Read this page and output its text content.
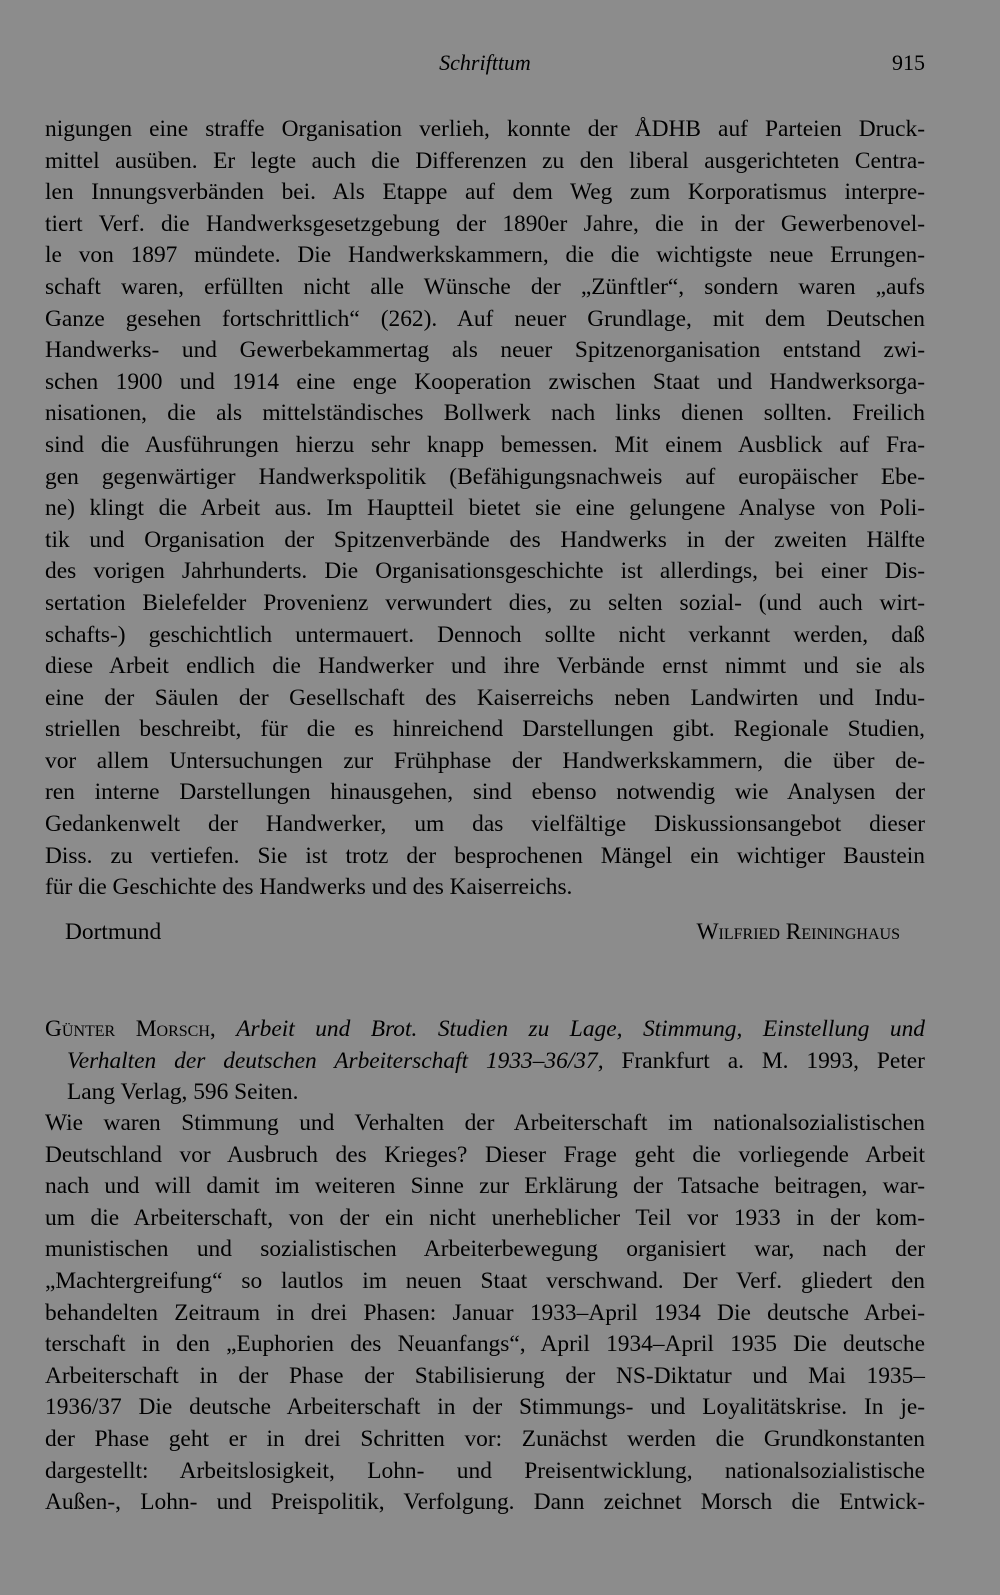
Schrifttum	915
nigungen eine straffe Organisation verlieh, konnte der ÅDHB auf Parteien Druck-
mittel ausüben. Er legte auch die Differenzen zu den liberal ausgerichteten Centra-
len Innungsverbänden bei. Als Etappe auf dem Weg zum Korporatismus interpre-
tiert Verf. die Handwerksgesetzgebung der 1890er Jahre, die in der Gewerbenovel-
le von 1897 mündete. Die Handwerkskammern, die die wichtigste neue Errungen-
schaft waren, erfüllten nicht alle Wünsche der „Zünftler“, sondern waren „aufs
Ganze gesehen fortschrittlich“ (262). Auf neuer Grundlage, mit dem Deutschen
Handwerks- und Gewerbekammertag als neuer Spitzenorganisation entstand zwi-
schen 1900 und 1914 eine enge Kooperation zwischen Staat und Handwerksorga-
nisationen, die als mittelständisches Bollwerk nach links dienen sollten. Freilich
sind die Ausführungen hierzu sehr knapp bemessen. Mit einem Ausblick auf Fra-
gen gegenwärtiger Handwerkspolitik (Befähigungsnachweis auf europäischer Ebe-
ne) klingt die Arbeit aus. Im Hauptteil bietet sie eine gelungene Analyse von Poli-
tik und Organisation der Spitzenverbände des Handwerks in der zweiten Hälfte
des vorigen Jahrhunderts. Die Organisationsgeschichte ist allerdings, bei einer Dis-
sertation Bielefelder Provenienz verwundert dies, zu selten sozial- (und auch wirt-
schafts-) geschichtlich untermauert. Dennoch sollte nicht verkannt werden, daß
diese Arbeit endlich die Handwerker und ihre Verbände ernst nimmt und sie als
eine der Säulen der Gesellschaft des Kaiserreichs neben Landwirten und Indu-
striellen beschreibt, für die es hinreichend Darstellungen gibt. Regionale Studien,
vor allem Untersuchungen zur Frühphase der Handwerkskammern, die über de-
ren interne Darstellungen hinausgehen, sind ebenso notwendig wie Analysen der
Gedankenwelt der Handwerker, um das vielfältige Diskussionsangebot dieser
Diss. zu vertiefen. Sie ist trotz der besprochenen Mängel ein wichtiger Baustein
für die Geschichte des Handwerks und des Kaiserreichs.
Dortmund	Wilfried Reininghaus
Günter Morsch, Arbeit und Brot. Studien zu Lage, Stimmung, Einstellung und
Verhalten der deutschen Arbeiterschaft 1933–36/37, Frankfurt a. M. 1993, Peter
Lang Verlag, 596 Seiten.
Wie waren Stimmung und Verhalten der Arbeiterschaft im nationalsozialistischen
Deutschland vor Ausbruch des Krieges? Dieser Frage geht die vorliegende Arbeit
nach und will damit im weiteren Sinne zur Erklärung der Tatsache beitragen, war-
um die Arbeiterschaft, von der ein nicht unerheblicher Teil vor 1933 in der kom-
munistischen und sozialistischen Arbeiterbewegung organisiert war, nach der
„Machtergreifung“ so lautlos im neuen Staat verschwand. Der Verf. gliedert den
behandelten Zeitraum in drei Phasen: Januar 1933–April 1934 Die deutsche Arbei-
terschaft in den „Euphorien des Neuanfangs“, April 1934–April 1935 Die deutsche
Arbeiterschaft in der Phase der Stabilisierung der NS-Diktatur und Mai 1935–
1936/37 Die deutsche Arbeiterschaft in der Stimmungs- und Loyalitätskrise. In je-
der Phase geht er in drei Schritten vor: Zunächst werden die Grundkonstanten
dargestellt: Arbeitslosigkeit, Lohn- und Preisentwicklung, nationalsozialistische
Außen-, Lohn- und Preispolitik, Verfolgung. Dann zeichnet Morsch die Entwick-
